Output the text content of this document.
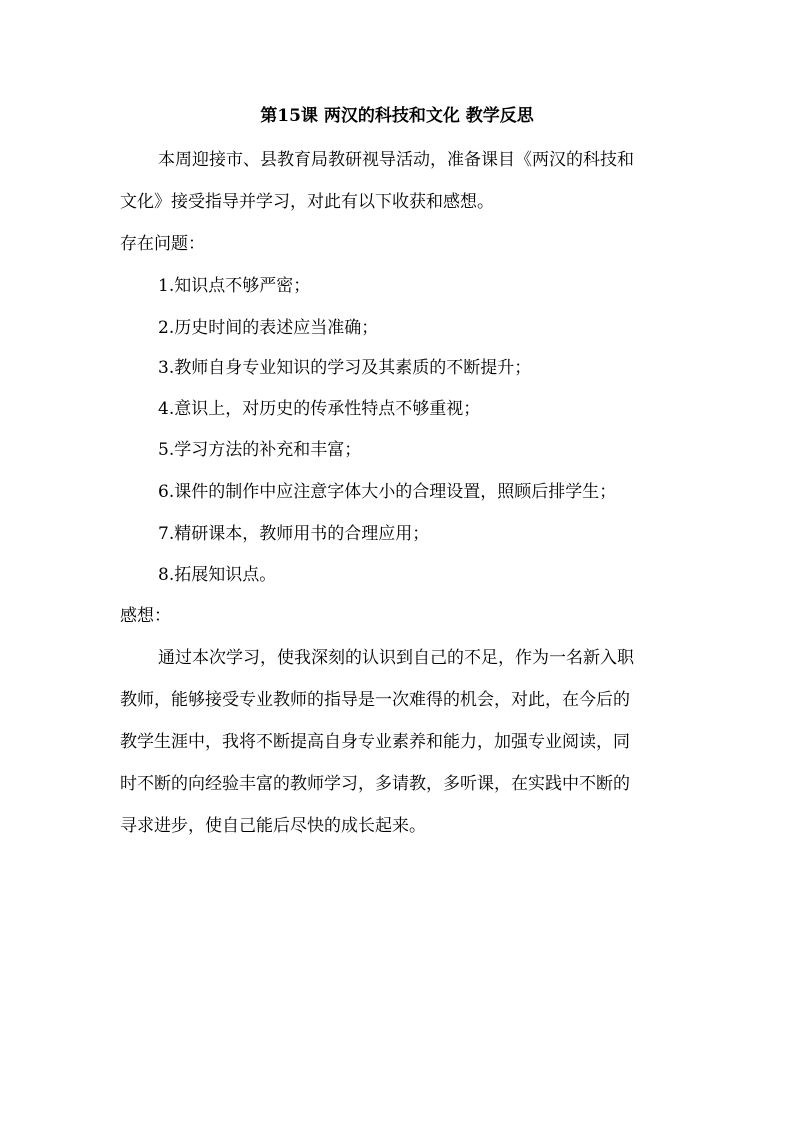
第15课 两汉的科技和文化 教学反思
本周迎接市、县教育局教研视导活动，准备课目《两汉的科技和
文化》接受指导并学习，对此有以下收获和感想。
存在问题：
1.知识点不够严密；
2.历史时间的表述应当准确；
3.教师自身专业知识的学习及其素质的不断提升；
4.意识上，对历史的传承性特点不够重视；
5.学习方法的补充和丰富；
6.课件的制作中应注意字体大小的合理设置，照顾后排学生；
7.精研课本，教师用书的合理应用；
8.拓展知识点。
感想：
通过本次学习，使我深刻的认识到自己的不足，作为一名新入职
教师，能够接受专业教师的指导是一次难得的机会，对此，在今后的
教学生涯中，我将不断提高自身专业素养和能力，加强专业阅读，同
时不断的向经验丰富的教师学习，多请教，多听课，在实践中不断的
寻求进步，使自己能后尽快的成长起来。
